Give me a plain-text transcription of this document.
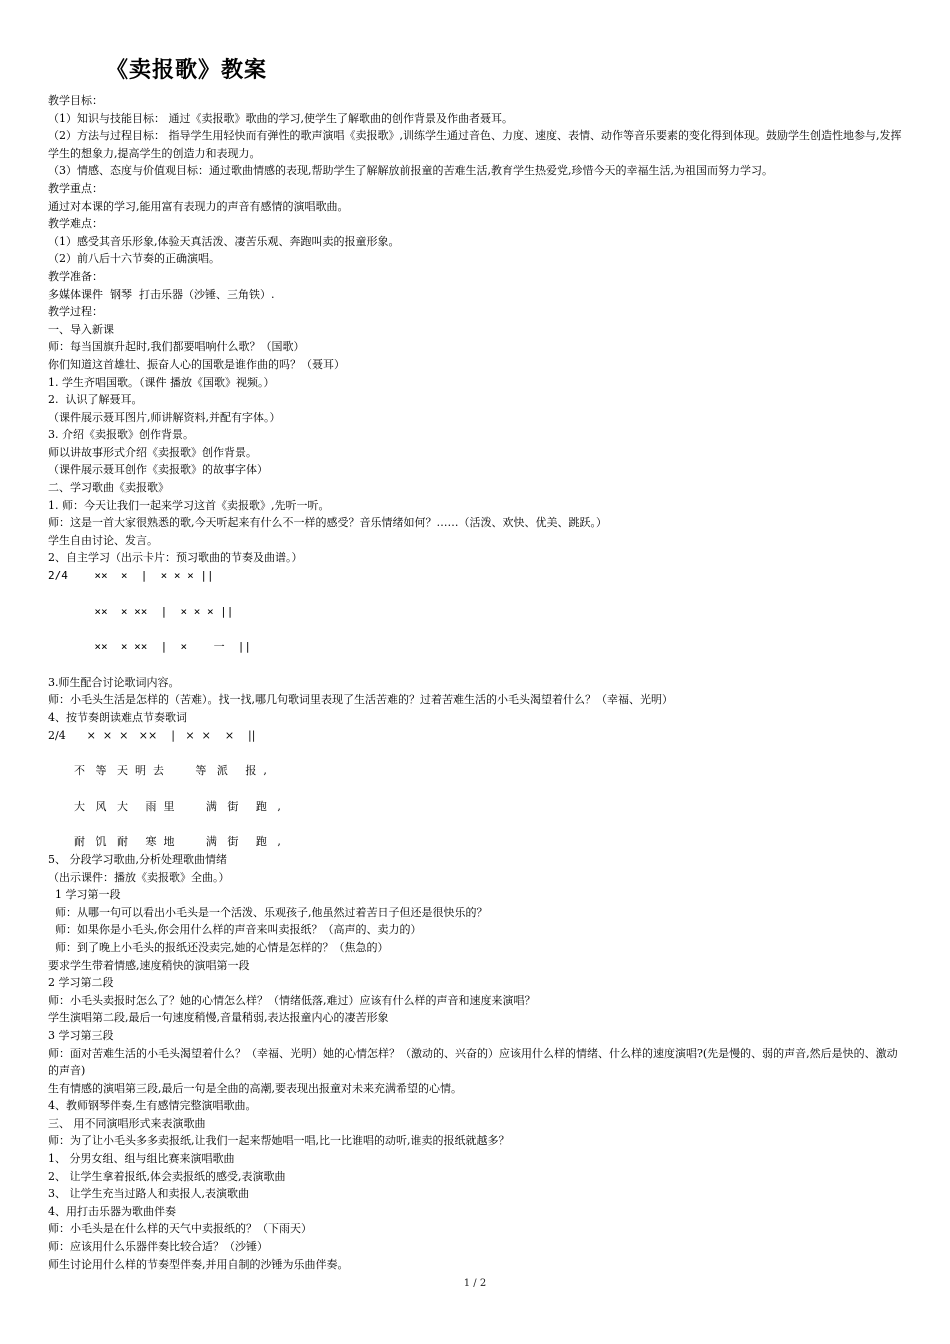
《卖报歌》教案
教学目标：
（1）知识与技能目标： 通过《卖报歌》歌曲的学习,使学生了解歌曲的创作背景及作曲者聂耳。
（2）方法与过程目标： 指导学生用轻快而有弹性的歌声演唱《卖报歌》,训练学生通过音色、力度、速度、表情、动作等音乐要素的变化得到体现。鼓励学生创造性地参与,发挥学生的想象力,提高学生的创造力和表现力。
（3）情感、态度与价值观目标：通过歌曲情感的表现,帮助学生了解解放前报童的苦难生活,教育学生热爱党,珍惜今天的幸福生活,为祖国而努力学习。
教学重点：
通过对本课的学习,能用富有表现力的声音有感情的演唱歌曲。
教学难点：
（1）感受其音乐形象,体验天真活泼、凄苦乐观、奔跑叫卖的报童形象。
（2）前八后十六节奏的正确演唱。
教学准备：
多媒体课件  钢琴  打击乐器（沙锤、三角铁）.
教学过程：
一、导入新课
师：每当国旗升起时,我们都要唱响什么歌？（国歌）
你们知道这首雄壮、振奋人心的国歌是谁作曲的吗？（聂耳）
1. 学生齐唱国歌。（课件 播放《国歌》视频。）
2.  认识了解聂耳。
（课件展示聂耳图片,师讲解资料,并配有字体。）
3. 介绍《卖报歌》创作背景。
师以讲故事形式介绍《卖报歌》创作背景。
（课件展示聂耳创作《卖报歌》的故事字体）
二、学习歌曲《卖报歌》
1. 师：今天让我们一起来学习这首《卖报歌》,先听一听。
师：这是一首大家很熟悉的歌,今天听起来有什么不一样的感受？音乐情绪如何？……（活泼、欢快、优美、跳跃。）
学生自由讨论、发言。
2、自主学习（出示卡片：预习歌曲的节奏及曲谱。）
2/4    ××  ×  |  × × × ||
××  × ××  |  × × × ||
××  × ××  |  ×    一  ||
3.师生配合讨论歌词内容。
师：小毛头生活是怎样的（苦难）。找一找,哪几句歌词里表现了生活苦难的？过着苦难生活的小毛头渴望着什么？（幸福、光明）
4、按节奏朗读难点节奏歌词
2/4      ×  ×  ×   ××    |   ×  ×    ×    ||
不   等   天  明  去         等   派     报  ,
大   风   大     雨  里         满   街     跑   ,
耐   饥   耐     寒  地         满   街     跑   ,
5、 分段学习歌曲,分析处理歌曲情绪
（出示课件：播放《卖报歌》全曲。）
1 学习第一段
师：从哪一句可以看出小毛头是一个活泼、乐观孩子,他虽然过着苦日子但还是很快乐的？
师：如果你是小毛头,你会用什么样的声音来叫卖报纸？（高声的、卖力的）
师：到了晚上小毛头的报纸还没卖完,她的心情是怎样的？（焦急的）
要求学生带着情感,速度稍快的演唱第一段
2 学习第二段
师：小毛头卖报时怎么了？她的心情怎么样？（情绪低落,难过）应该有什么样的声音和速度来演唱？
学生演唱第二段,最后一句速度稍慢,音量稍弱,表达报童内心的凄苦形象
3 学习第三段
师：面对苦难生活的小毛头渴望着什么？（幸福、光明）她的心情怎样？（激动的、兴奋的）应该用什么样的情绪、什么样的速度演唱?(先是慢的、弱的声音,然后是快的、激动的声音)
生有情感的演唱第三段,最后一句是全曲的高潮,要表现出报童对未来充满希望的心情。
4、教师钢琴伴奏,生有感情完整演唱歌曲。
三、 用不同演唱形式来表演歌曲
师：为了让小毛头多多卖报纸,让我们一起来帮她唱一唱,比一比谁唱的动听,谁卖的报纸就越多？
1、 分男女组、组与组比赛来演唱歌曲
2、 让学生拿着报纸,体会卖报纸的感受,表演歌曲
3、 让学生充当过路人和卖报人,表演歌曲
4、用打击乐器为歌曲伴奏
师：小毛头是在什么样的天气中卖报纸的？（下雨天）
师：应该用什么乐器伴奏比较合适？（沙锤）
师生讨论用什么样的节奏型伴奏,并用自制的沙锤为乐曲伴奏。
1 / 2
